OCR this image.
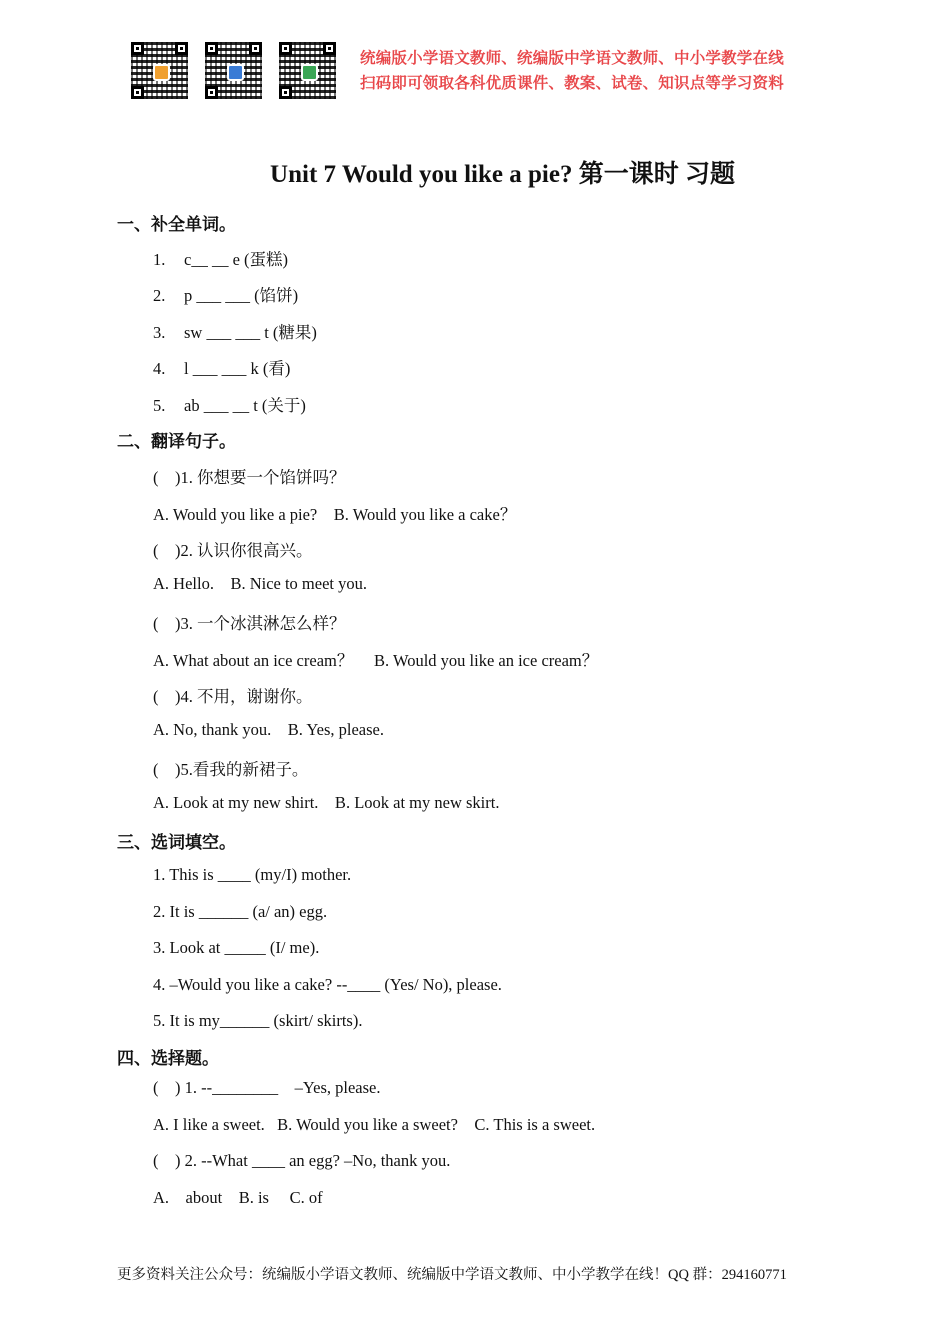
统编版小学语文教师、统编版中学语文教师、中小学教学在线
扫码即可领取各科优质课件、教案、试卷、知识点等学习资料
Unit 7 Would you like a pie? 第一课时 习题
一、补全单词。
1. c__ __ e (蛋糕)
2. p ___ ___ (馅饼)
3. sw ___ ___ t (糖果)
4. l ___ ___ k (看)
5. ab ___ __ t (关于)
二、翻译句子。
(    )1. 你想要一个馅饼吗？
A. Would you like a pie?    B. Would you like a cake？
(    )2. 认识你很高兴。
A. Hello.    B. Nice to meet you.
(    )3. 一个冰淇淋怎么样？
A. What about an ice cream？     B. Would you like an ice cream？
(    )4. 不用，谢谢你。
A. No, thank you.    B. Yes, please.
(    )5.看我的新裙子。
A. Look at my new shirt.    B. Look at my new skirt.
三、选词填空。
1. This is ____ (my/I) mother.
2. It is ______ (a/ an) egg.
3. Look at _____ (I/ me).
4. –Would you like a cake? --____ (Yes/ No), please.
5. It is my______ (skirt/ skirts).
四、选择题。
(    ) 1. --________    –Yes, please.
A. I like a sweet.   B. Would you like a sweet?    C. This is a sweet.
(    ) 2. --What ____ an egg? –No, thank you.
A.    about    B. is     C. of
更多资料关注公众号：统编版小学语文教师、统编版中学语文教师、中小学教学在线！QQ 群：294160771
